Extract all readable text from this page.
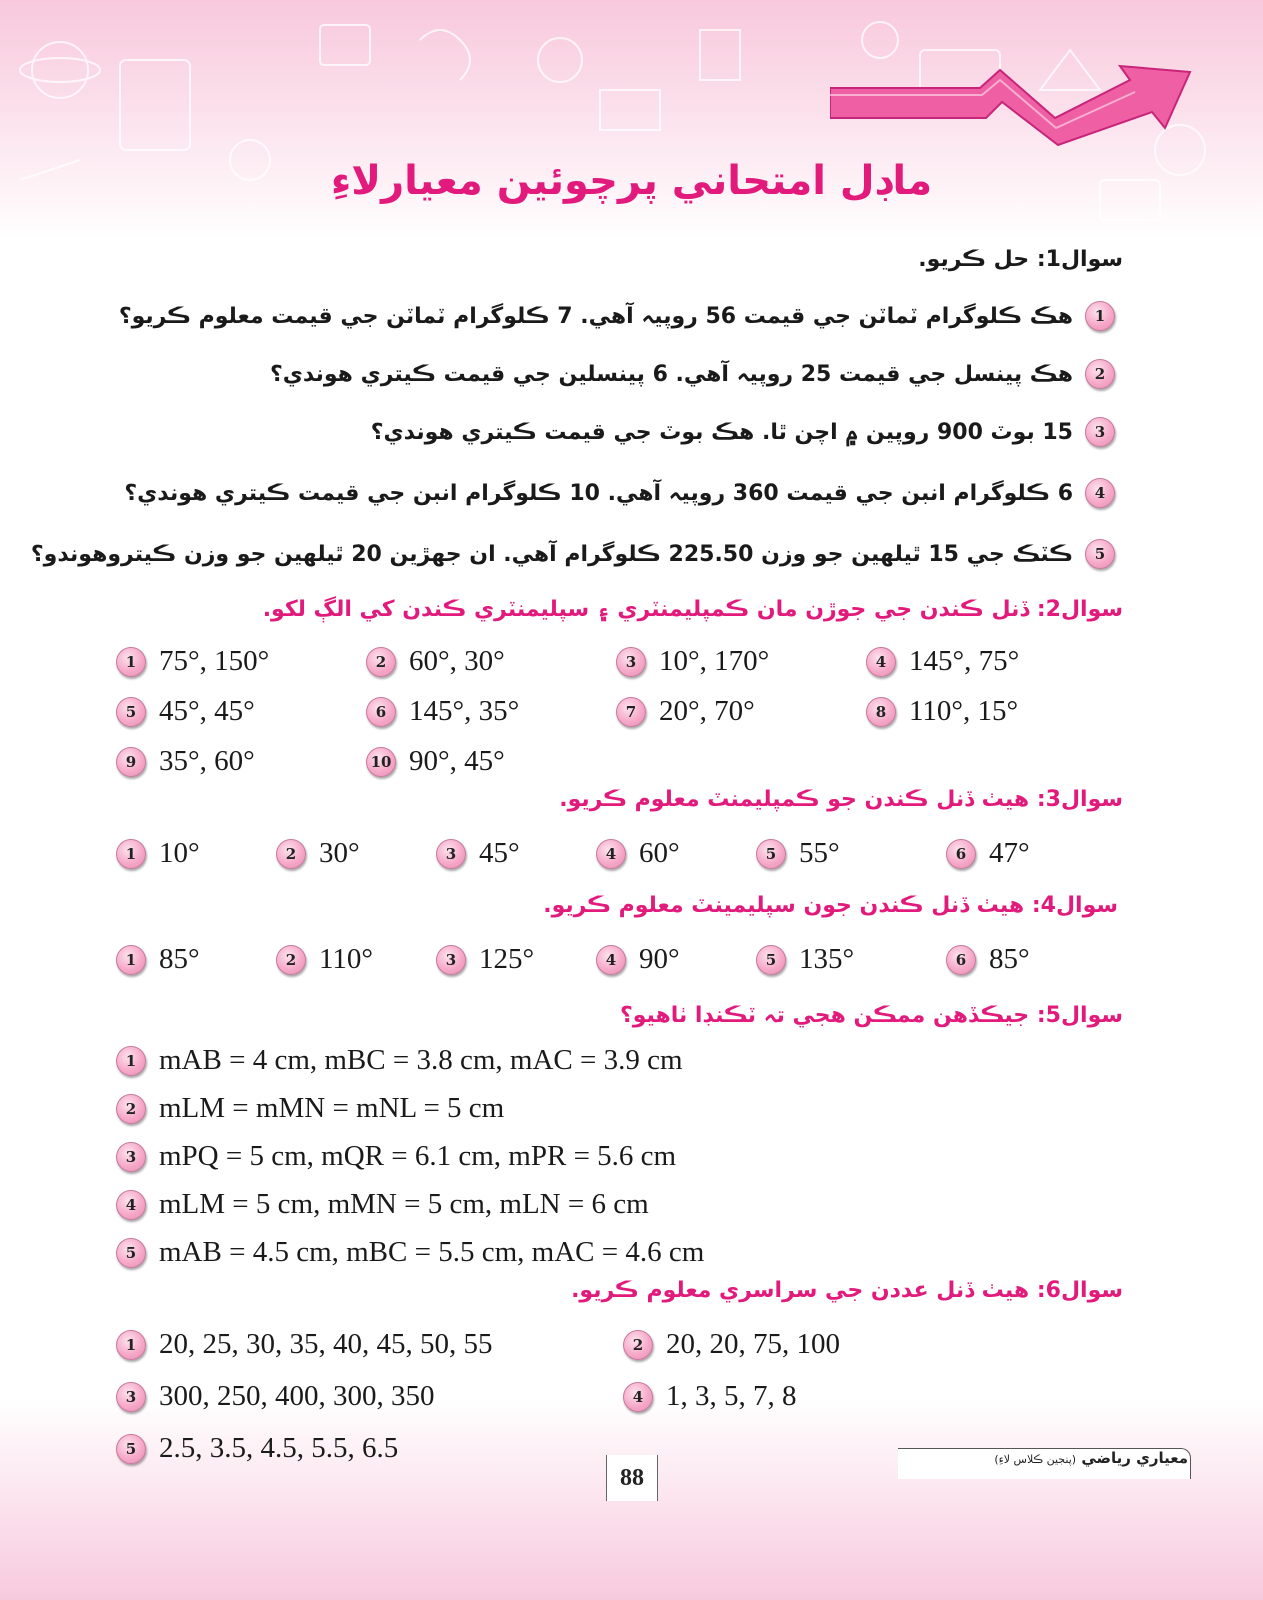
ماڊل امتحاني پرچوئين معيارلاءِ
سوال1: حل ڪريو.
1
هڪ ڪلوگرام ٽماٽن جي قيمت 56 روپيہ آهي. 7 ڪلوگرام ٽماٽن جي قيمت معلوم ڪريو؟
2
هڪ پينسل جي قيمت 25 روپيہ آهي. 6 پينسلين جي قيمت ڪيتري هوندي؟
3
15 بوٽ 900 روپين ۾ اچن ٿا. هڪ بوٽ جي قيمت ڪيتري هوندي؟
4
6 ڪلوگرام انبن جي قيمت 360 روپيہ آهي. 10 ڪلوگرام انبن جي قيمت ڪيتري هوندي؟
5
ڪٽڪ جي 15 ٿيلهين جو وزن 225.50 ڪلوگرام آهي. ان جهڙين 20 ٿيلهين جو وزن ڪيتروهوندو؟
سوال2: ڏنل ڪندن جي جوڙن مان ڪمپليمنٽري ۽ سپليمنٽري ڪندن کي الڳ لکو.
1 75°, 150°	2 60°, 30°	3 10°, 170°	4 145°, 75°
5 45°, 45°	6 145°, 35°	7 20°, 70°	8 110°, 15°
9 35°, 60°	10 90°, 45°
سوال3: هيٺ ڏنل ڪندن جو ڪمپليمنٽ معلوم ڪريو.
1 10°	2 30°	3 45°	4 60°	5 55°	6 47°
سوال4: هيٺ ڏنل ڪندن جون سپليمينٽ معلوم ڪريو.
1 85°	2 110°	3 125°	4 90°	5 135°	6 85°
سوال5: جيڪڏهن ممڪن هجي تہ ٽڪنڊا ٺاهيو؟
1 mAB = 4 cm, mBC = 3.8 cm, mAC = 3.9 cm
2 mLM = mMN = mNL = 5 cm
3 mPQ = 5 cm, mQR = 6.1 cm, mPR = 5.6 cm
4 mLM = 5 cm, mMN = 5 cm, mLN = 6 cm
5 mAB = 4.5 cm, mBC = 5.5 cm, mAC = 4.6 cm
سوال6: هيٺ ڏنل عددن جي سراسري معلوم ڪريو.
1 20, 25, 30, 35, 40, 45, 50, 55	2 20, 20, 75, 100
3 300, 250, 400, 300, 350	4 1, 3, 5, 7, 8
5 2.5, 3.5, 4.5, 5.5, 6.5	معياري رياضي (پنجين ڪلاس لاءِ)
88
